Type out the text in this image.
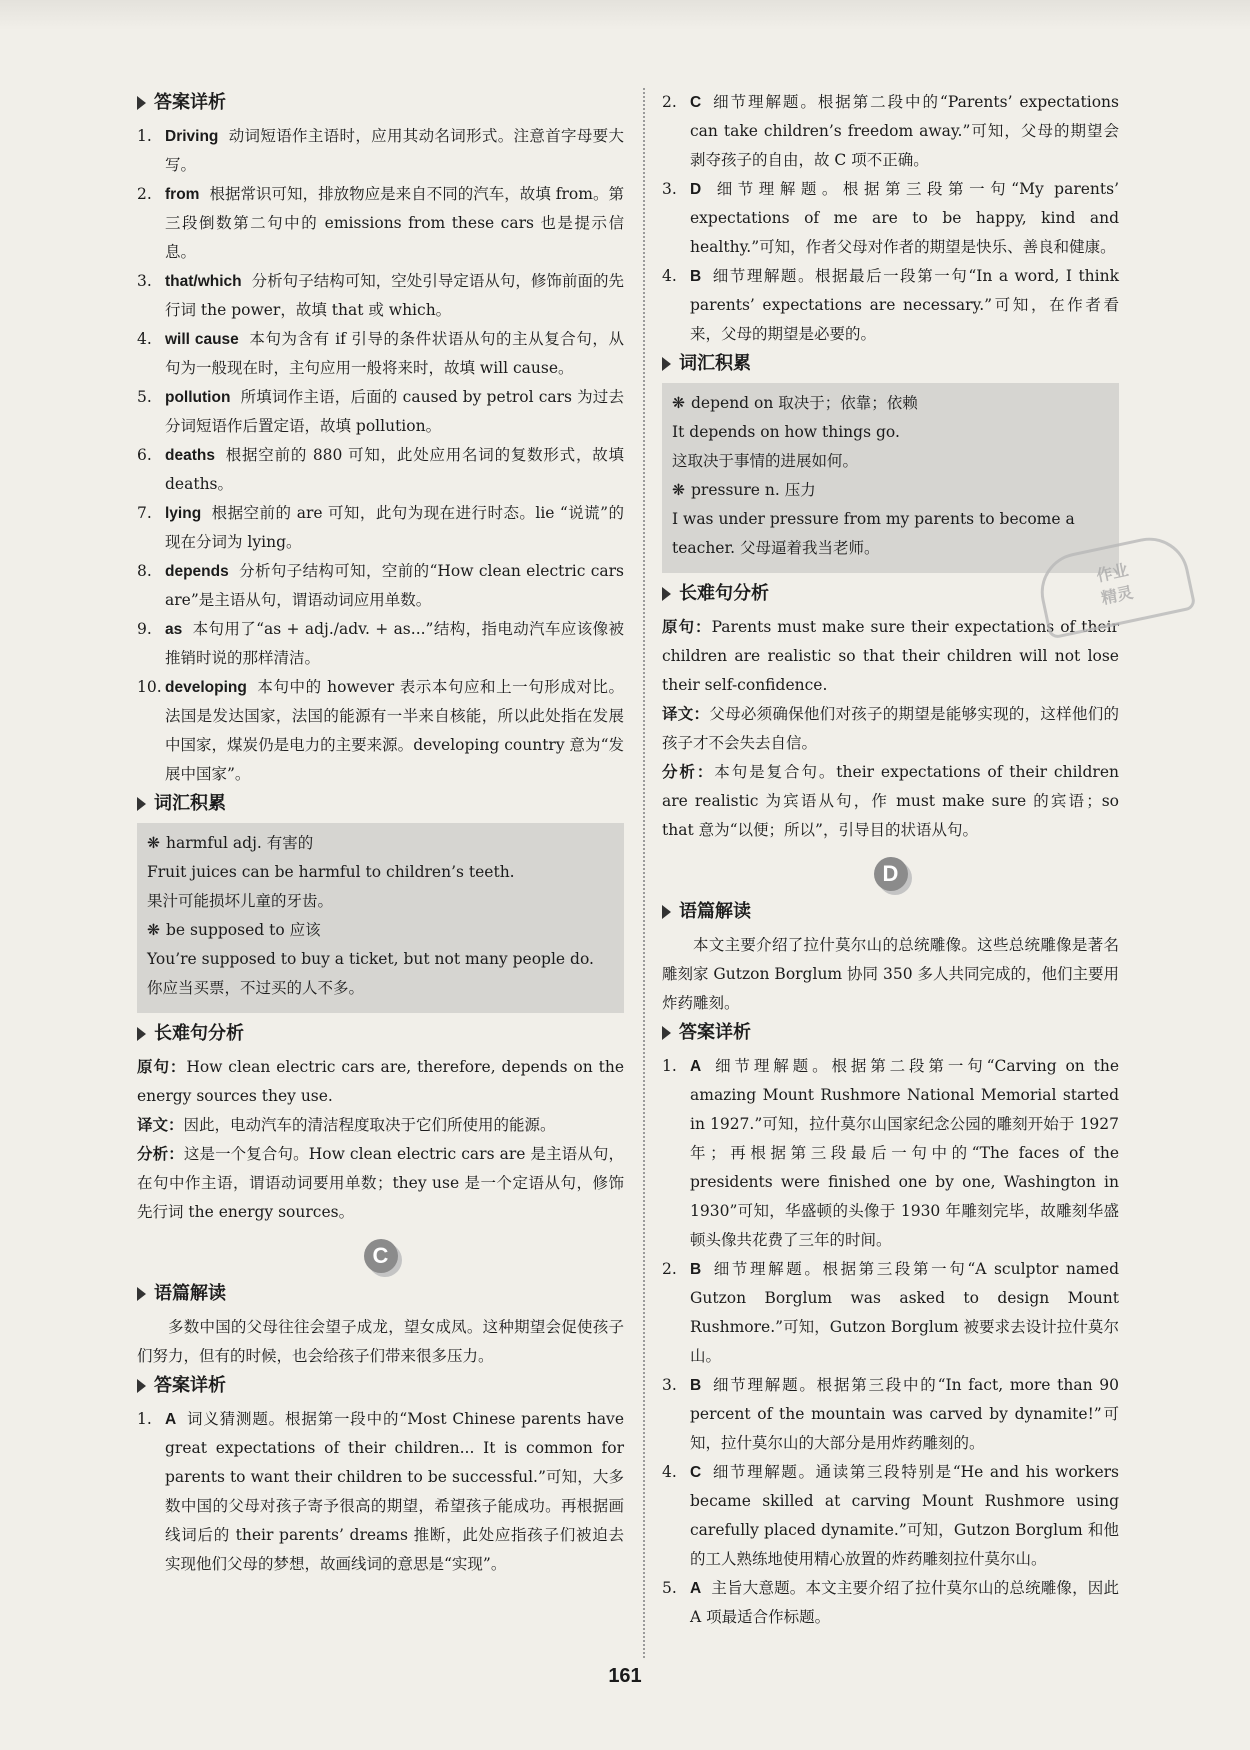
答案详析
1. Driving 动词短语作主语时，应用其动名词形式。注意首字母要大写。
2. from 根据常识可知，排放物应是来自不同的汽车，故填 from。第三段倒数第二句中的 emissions from these cars 也是提示信息。
3. that/which 分析句子结构可知，空处引导定语从句，修饰前面的先行词 the power，故填 that 或 which。
4. will cause 本句为含有 if 引导的条件状语从句的主从复合句，从句为一般现在时，主句应用一般将来时，故填 will cause。
5. pollution 所填词作主语，后面的 caused by petrol cars 为过去分词短语作后置定语，故填 pollution。
6. deaths 根据空前的 880 可知，此处应用名词的复数形式，故填 deaths。
7. lying 根据空前的 are 可知，此句为现在进行时态。lie “说谎”的现在分词为 lying。
8. depends 分析句子结构可知，空前的“How clean electric cars are”是主语从句，谓语动词应用单数。
9. as 本句用了“as + adj./adv. + as...”结构，指电动汽车应该像被推销时说的那样清洁。
10. developing 本句中的 however 表示本句应和上一句形成对比。法国是发达国家，法国的能源有一半来自核能，所以此处指在发展中国家，煤炭仍是电力的主要来源。developing country 意为“发展中国家”。
词汇积累
❋ harmful adj. 有害的
Fruit juices can be harmful to children’s teeth.
果汁可能损坏儿童的牙齿。
❋ be supposed to 应该
You’re supposed to buy a ticket, but not many people do.
你应当买票，不过买的人不多。
长难句分析
原句：How clean electric cars are, therefore, depends on the energy sources they use.
译文：因此，电动汽车的清洁程度取决于它们所使用的能源。
分析：这是一个复合句。How clean electric cars are 是主语从句，在句中作主语，谓语动词要用单数；they use 是一个定语从句，修饰先行词 the energy sources。
C
语篇解读
多数中国的父母往往会望子成龙，望女成凤。这种期望会促使孩子们努力，但有的时候，也会给孩子们带来很多压力。
答案详析
1. A 词义猜测题。根据第一段中的“Most Chinese parents have great expectations of their children... It is common for parents to want their children to be successful.”可知，大多数中国的父母对孩子寄予很高的期望，希望孩子能成功。再根据画线词后的 their parents’ dreams 推断，此处应指孩子们被迫去实现他们父母的梦想，故画线词的意思是“实现”。
2. C 细节理解题。根据第二段中的“Parents’ expectations can take children’s freedom away.”可知，父母的期望会剥夺孩子的自由，故 C 项不正确。
3. D 细节理解题。根据第三段第一句“My parents’ expectations of me are to be happy, kind and healthy.”可知，作者父母对作者的期望是快乐、善良和健康。
4. B 细节理解题。根据最后一段第一句“In a word, I think parents’ expectations are necessary.”可知，在作者看来，父母的期望是必要的。
词汇积累
❋ depend on 取决于；依靠；依赖
It depends on how things go.
这取决于事情的进展如何。
❋ pressure n. 压力
I was under pressure from my parents to become a teacher. 父母逼着我当老师。
长难句分析
原句：Parents must make sure their expectations of their children are realistic so that their children will not lose their self-confidence.
译文：父母必须确保他们对孩子的期望是能够实现的，这样他们的孩子才不会失去自信。
分析：本句是复合句。their expectations of their children are realistic 为宾语从句，作 must make sure 的宾语；so that 意为“以便；所以”，引导目的状语从句。
D
语篇解读
本文主要介绍了拉什莫尔山的总统雕像。这些总统雕像是著名雕刻家 Gutzon Borglum 协同 350 多人共同完成的，他们主要用炸药雕刻。
答案详析
1. A 细节理解题。根据第二段第一句“Carving on the amazing Mount Rushmore National Memorial started in 1927.”可知，拉什莫尔山国家纪念公园的雕刻开始于 1927 年；再根据第三段最后一句中的“The faces of the presidents were finished one by one, Washington in 1930”可知，华盛顿的头像于 1930 年雕刻完毕，故雕刻华盛顿头像共花费了三年的时间。
2. B 细节理解题。根据第三段第一句“A sculptor named Gutzon Borglum was asked to design Mount Rushmore.”可知，Gutzon Borglum 被要求去设计拉什莫尔山。
3. B 细节理解题。根据第三段中的“In fact, more than 90 percent of the mountain was carved by dynamite!”可知，拉什莫尔山的大部分是用炸药雕刻的。
4. C 细节理解题。通读第三段特别是“He and his workers became skilled at carving Mount Rushmore using carefully placed dynamite.”可知，Gutzon Borglum 和他的工人熟练地使用精心放置的炸药雕刻拉什莫尔山。
5. A 主旨大意题。本文主要介绍了拉什莫尔山的总统雕像，因此 A 项最适合作标题。
作业
精灵
161
